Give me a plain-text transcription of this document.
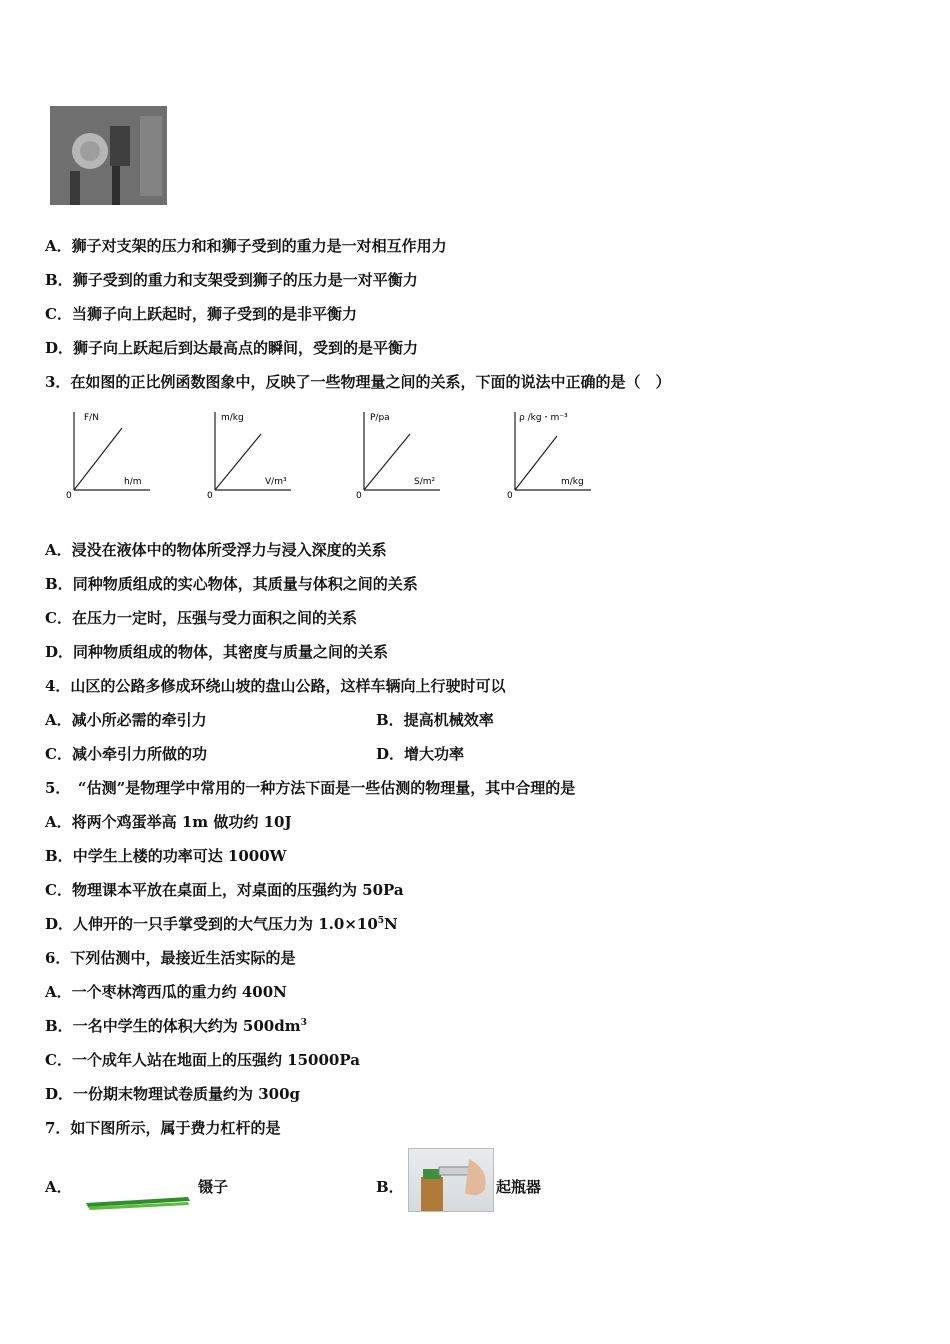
A．狮子对支架的压力和和狮子受到的重力是一对相互作用力
B．狮子受到的重力和支架受到狮子的压力是一对平衡力
C．当狮子向上跃起时，狮子受到的是非平衡力
D．狮子向上跃起后到达最高点的瞬间，受到的是平衡力
3．在如图的正比例函数图象中，反映了一些物理量之间的关系，下面的说法中正确的是（　）
F/N
h/m
0
m/kg
V/m³
0
P/pa
S/m²
0
ρ /kg・m⁻³
m/kg
0
A．浸没在液体中的物体所受浮力与浸入深度的关系
B．同种物质组成的实心物体，其质量与体积之间的关系
C．在压力一定时，压强与受力面积之间的关系
D．同种物质组成的物体，其密度与质量之间的关系
4．山区的公路多修成环绕山坡的盘山公路，这样车辆向上行驶时可以
A．减小所必需的牵引力	B．提高机械效率
C．减小牵引力所做的功	D．增大功率
5．　“估测”是物理学中常用的一种方法下面是一些估测的物理量，其中合理的是
A．将两个鸡蛋举高 1m 做功约 10J
B．中学生上楼的功率可达 1000W
C．物理课本平放在桌面上，对桌面的压强约为 50Pa
D．人伸开的一只手掌受到的大气压力为 $1.0\times 10^5N$
6．下列估测中，最接近生活实际的是
A．一个枣林湾西瓜的重力约 400N
B．一名中学生的体积大约为 $500dm^3$
C．一个成年人站在地面上的压强约 15000Pa
D．一份期末物理试卷质量约为 300g
7．如下图所示，属于费力杠杆的是
A．	镊子	B．	起瓶器
